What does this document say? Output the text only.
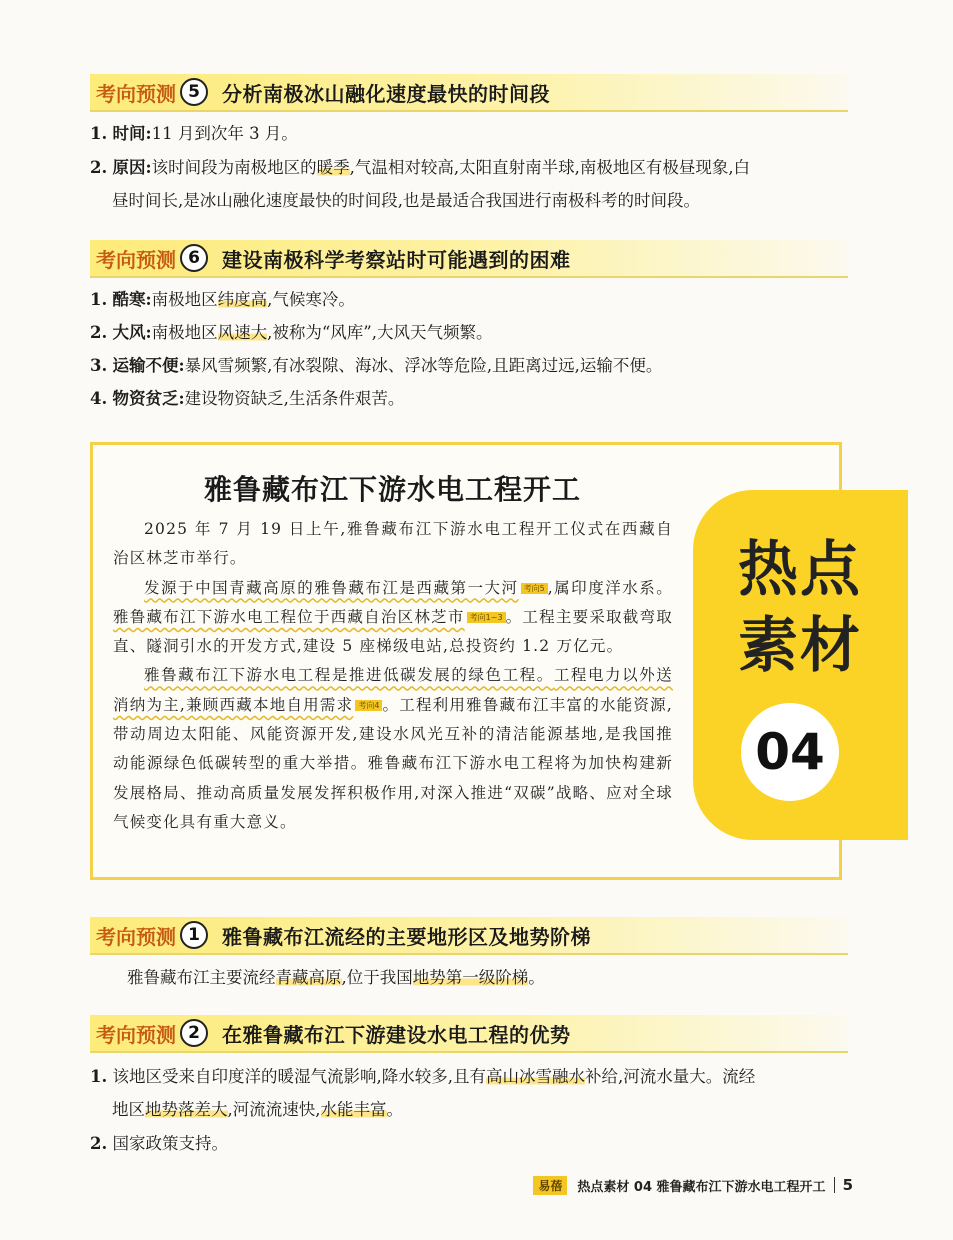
考向预测 5	分析南极冰山融化速度最快的时间段
1. 时间:11 月到次年 3 月。
2. 原因:该时间段为南极地区的暖季,气温相对较高,太阳直射南半球,南极地区有极昼现象,白
昼时间长,是冰山融化速度最快的时间段,也是最适合我国进行南极科考的时间段。
考向预测 6	建设南极科学考察站时可能遇到的困难
1. 酷寒:南极地区纬度高,气候寒冷。
2. 大风:南极地区风速大,被称为“风库”,大风天气频繁。
3. 运输不便:暴风雪频繁,有冰裂隙、海冰、浮冰等危险,且距离过远,运输不便。
4. 物资贫乏:建设物资缺乏,生活条件艰苦。
热点
素材
04
雅鲁藏布江下游水电工程开工

2025 年 7 月 19 日上午,雅鲁藏布江下游水电工程开工仪式在西藏自治区林芝市举行。

发源于中国青藏高原的雅鲁藏布江是西藏第一大河 考向5 ,属印度洋水系。雅鲁藏布江下游水电工程位于西藏自治区林芝市 考向1~3 。工程主要采取截弯取直、隧洞引水的开发方式,建设 5 座梯级电站,总投资约 1.2 万亿元。

雅鲁藏布江下游水电工程是推进低碳发展的绿色工程。工程电力以外送消纳为主,兼顾西藏本地自用需求 考向4 。工程利用雅鲁藏布江丰富的水能资源,带动周边太阳能、风能资源开发,建设水风光互补的清洁能源基地,是我国推动能源绿色低碳转型的重大举措。雅鲁藏布江下游水电工程将为加快构建新发展格局、推动高质量发展发挥积极作用,对深入推进“双碳”战略、应对全球气候变化具有重大意义。

考向预测 1	雅鲁藏布江流经的主要地形区及地势阶梯
雅鲁藏布江主要流经青藏高原,位于我国地势第一级阶梯。
考向预测 2	在雅鲁藏布江下游建设水电工程的优势
1. 该地区受来自印度洋的暖湿气流影响,降水较多,且有高山冰雪融水补给,河流水量大。流经
地区地势落差大,河流流速快,水能丰富。
2. 国家政策支持。
易蓓	热点素材 04 雅鲁藏布江下游水电工程开工 5
